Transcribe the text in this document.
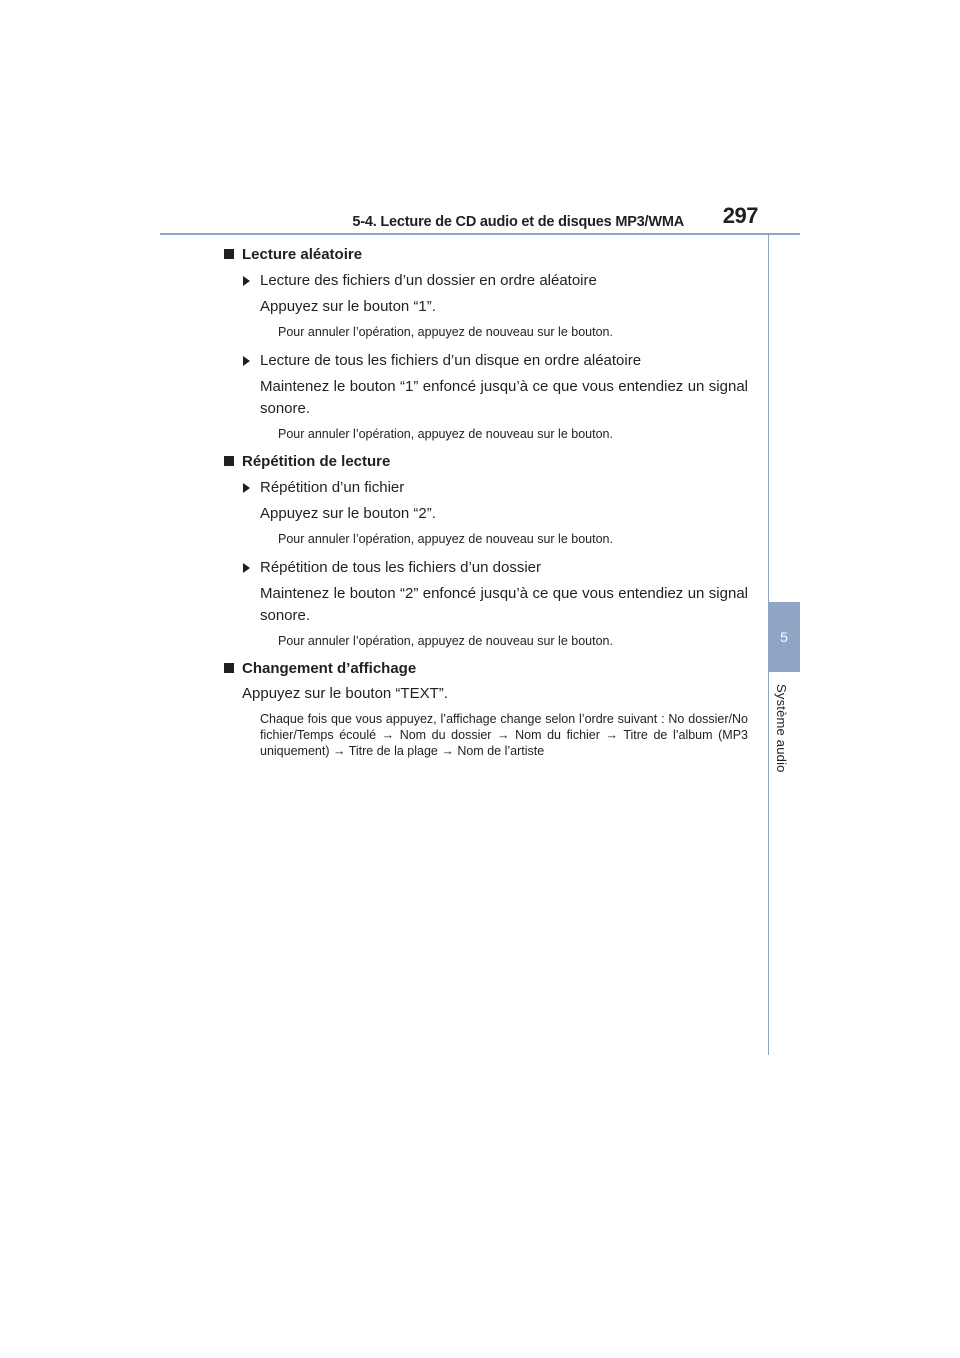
5-4. Lecture de CD audio et de disques MP3/WMA 297
5
Système audio
Lecture aléatoire
Lecture des fichiers d’un dossier en ordre aléatoire
Appuyez sur le bouton “1”.
Pour annuler l’opération, appuyez de nouveau sur le bouton.
Lecture de tous les fichiers d’un disque en ordre aléatoire
Maintenez le bouton “1” enfoncé jusqu’à ce que vous entendiez un signal sonore.
Pour annuler l’opération, appuyez de nouveau sur le bouton.
Répétition de lecture
Répétition d’un fichier
Appuyez sur le bouton “2”.
Pour annuler l’opération, appuyez de nouveau sur le bouton.
Répétition de tous les fichiers d’un dossier
Maintenez le bouton “2” enfoncé jusqu’à ce que vous entendiez un signal sonore.
Pour annuler l’opération, appuyez de nouveau sur le bouton.
Changement d’affichage
Appuyez sur le bouton “TEXT”.
Chaque fois que vous appuyez, l’affichage change selon l’ordre suivant : No dossier/No fichier/Temps écoulé → Nom du dossier → Nom du fichier → Titre de l’album (MP3 uniquement) → Titre de la plage → Nom de l’artiste
